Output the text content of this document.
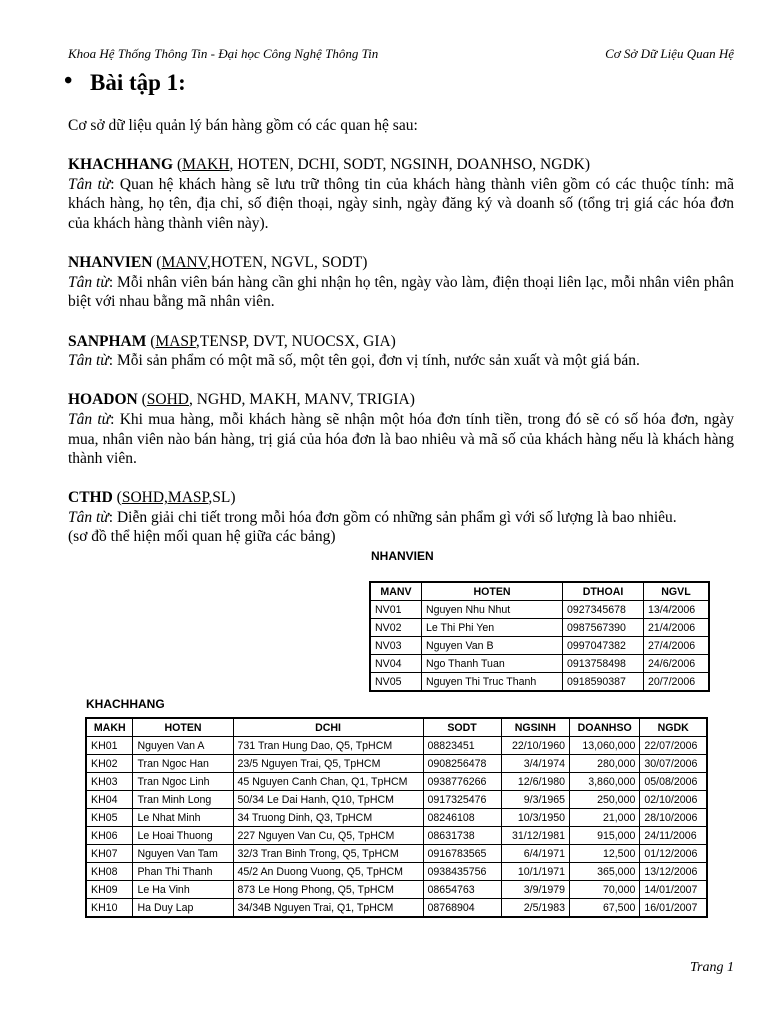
Khoa Hệ Thống Thông Tin - Đại học Công Nghệ Thông Tin	Cơ Sở Dữ Liệu Quan Hệ
• Bài tập 1:

Cơ sở dữ liệu quản lý bán hàng gồm có các quan hệ sau:

KHACHHANG (MAKH, HOTEN, DCHI, SODT, NGSINH, DOANHSO, NGDK)

Tân từ: Quan hệ khách hàng sẽ lưu trữ thông tin của khách hàng thành viên gồm có các thuộc tính: mã khách hàng, họ tên, địa chỉ, số điện thoại, ngày sinh, ngày đăng ký và doanh số (tổng trị giá các hóa đơn của khách hàng thành viên này).

NHANVIEN (MANV,HOTEN, NGVL, SODT)

Tân từ: Mỗi nhân viên bán hàng cần ghi nhận họ tên, ngày vào làm, điện thoại liên lạc, mỗi nhân viên phân biệt với nhau bằng mã nhân viên.

SANPHAM (MASP,TENSP, DVT, NUOCSX, GIA)

Tân từ: Mỗi sản phẩm có một mã số, một tên gọi, đơn vị tính, nước sản xuất và một giá bán.

HOADON (SOHD, NGHD, MAKH, MANV, TRIGIA)

Tân từ: Khi mua hàng, mỗi khách hàng sẽ nhận một hóa đơn tính tiền, trong đó sẽ có số hóa đơn, ngày mua, nhân viên nào bán hàng, trị giá của hóa đơn là bao nhiêu và mã số của khách hàng nếu là khách hàng thành viên.

CTHD (SOHD,MASP,SL)

Tân từ: Diễn giải chi tiết trong mỗi hóa đơn gồm có những sản phẩm gì với số lượng là bao nhiêu.

(sơ đồ thể hiện mối quan hệ giữa các bảng)

NHANVIEN
MANV	HOTEN	DTHOAI	NGVL
NV01	Nguyen Nhu Nhut	0927345678	13/4/2006
NV02	Le Thi Phi Yen	0987567390	21/4/2006
NV03	Nguyen Van B	0997047382	27/4/2006
NV04	Ngo Thanh Tuan	0913758498	24/6/2006
NV05	Nguyen Thi Truc Thanh	0918590387	20/7/2006
KHACHHANG
MAKH	HOTEN	DCHI	SODT	NGSINH	DOANHSO	NGDK
KH01	Nguyen Van A	731 Tran Hung Dao, Q5, TpHCM	08823451	22/10/1960	13,060,000	22/07/2006
KH02	Tran Ngoc Han	23/5 Nguyen Trai, Q5, TpHCM	0908256478	3/4/1974	280,000	30/07/2006
KH03	Tran Ngoc Linh	45 Nguyen Canh Chan, Q1, TpHCM	0938776266	12/6/1980	3,860,000	05/08/2006
KH04	Tran Minh Long	50/34 Le Dai Hanh, Q10, TpHCM	0917325476	9/3/1965	250,000	02/10/2006
KH05	Le Nhat Minh	34 Truong Dinh, Q3, TpHCM	08246108	10/3/1950	21,000	28/10/2006
KH06	Le Hoai Thuong	227 Nguyen Van Cu, Q5, TpHCM	08631738	31/12/1981	915,000	24/11/2006
KH07	Nguyen Van Tam	32/3 Tran Binh Trong, Q5, TpHCM	0916783565	6/4/1971	12,500	01/12/2006
KH08	Phan Thi Thanh	45/2 An Duong Vuong, Q5, TpHCM	0938435756	10/1/1971	365,000	13/12/2006
KH09	Le Ha Vinh	873 Le Hong Phong, Q5, TpHCM	08654763	3/9/1979	70,000	14/01/2007
KH10	Ha Duy Lap	34/34B Nguyen Trai, Q1, TpHCM	08768904	2/5/1983	67,500	16/01/2007
Trang 1
